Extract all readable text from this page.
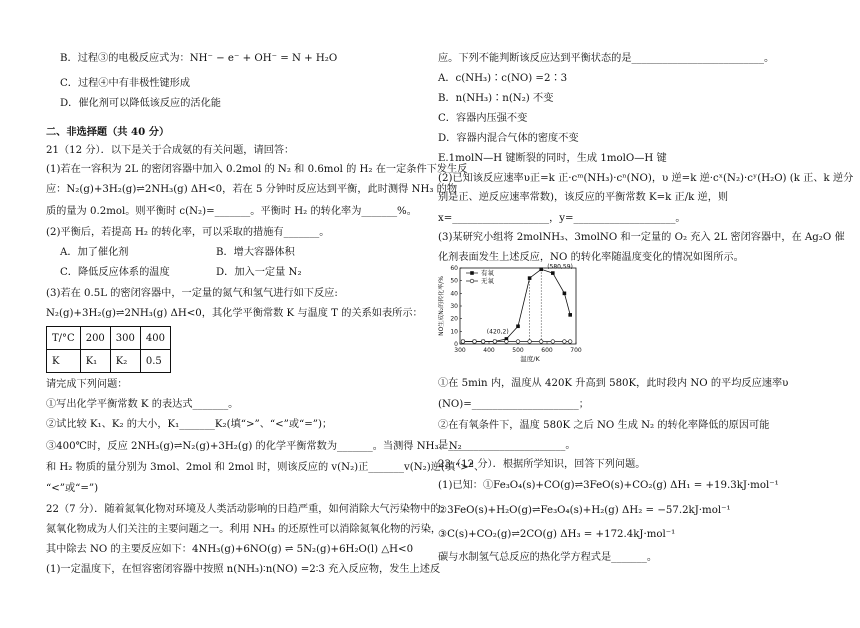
B．过程③的电极反应式为：NH⁻ − e⁻ + OH⁻ = N + H₂O
C．过程④中有非极性键形成
D．催化剂可以降低该反应的活化能
二、非选择题（共 40 分）
21（12 分）．以下是关于合成氨的有关问题，请回答：
(1)若在一容积为 2L 的密闭容器中加入 0.2mol 的 N₂ 和 0.6mol 的 H₂ 在一定条件下发生反
应：N₂(g)+3H₂(g)⇌2NH₃(g) ΔH<0，若在 5 分钟时反应达到平衡，此时测得 NH₃ 的物
质的量为 0.2mol。则平衡时 c(N₂)=_______。平衡时 H₂ 的转化率为_______%。
(2)平衡后，若提高 H₂ 的转化率，可以采取的措施有_______。
A．加了催化剂	B．增大容器体积
C．降低反应体系的温度	D．加入一定量 N₂
(3)若在 0.5L 的密闭容器中，一定量的氮气和氢气进行如下反应:
N₂(g)+3H₂(g)⇌2NH₃(g) ΔH<0，其化学平衡常数 K 与温度 T 的关系如表所示：
T/°C	200	300	400
K	K₁	K₂	0.5
请完成下列问题：
①写出化学平衡常数 K 的表达式_______。
②试比较 K₁、K₂ 的大小，K₁_______K₂(填“>”、“<”或“=”)；
③400℃时，反应 2NH₃(g)⇌N₂(g)+3H₂(g) 的化学平衡常数为_______。当测得 NH₃、N₂
和 H₂ 物质的量分别为 3mol、2mol 和 2mol 时，则该反应的 v(N₂)正_______v(N₂)逆(填“>”、
“<”或“=”)
22（7 分）．随着氮氧化物对环境及人类活动影响的日趋严重，如何消除大气污染物中的
氮氧化物成为人们关注的主要问题之一。利用 NH₃ 的还原性可以消除氮氧化物的污染，
其中除去 NO 的主要反应如下：4NH₃(g)+6NO(g) ⇌ 5N₂(g)+6H₂O(l) △H<0
(1)一定温度下，在恒容密闭容器中按照 n(NH₃)∶n(NO) =2∶3 充入反应物，发生上述反
应。下列不能判断该反应达到平衡状态的是__________________________。
A．c(NH₃)∶c(NO) =2∶3
B．n(NH₃)∶n(N₂) 不变
C．容器内压强不变
D．容器内混合气体的密度不变
E.1molN—H 键断裂的同时，生成 1molO—H 键
(2)已知该反应速率υ正=k 正·cᵐ(NH₃)·cⁿ(NO)，υ 逆=k 逆·cˣ(N₂)·cʸ(H₂O) (k 正、k 逆分
别是正、逆反应速率常数)，该反应的平衡常数 K=k 正/k 逆，则
x=___________________，y=____________________。
(3)某研究小组将 2molNH₃、3molNO 和一定量的 O₂ 充入 2L 密闭容器中，在 Ag₂O 催
化剂表面发生上述反应，NO 的转化率随温度变化的情况如图所示。
300	400	500	600	700
0
10
20
30
40
50
60
温度/K
NO生成N₂的转化率/%
有氧
无氧
(580,59)
(420,2)
①在 5min 内，温度从 420K 升高到 580K，此时段内 NO 的平均反应速率υ
(NO)=_____________________；
②在有氧条件下，温度 580K 之后 NO 生成 N₂ 的转化率降低的原因可能
是_______________________。
23（12 分）．根据所学知识，回答下列问题。
(1)已知：①Fe₃O₄(s)+CO(g)⇌3FeO(s)+CO₂(g) ΔH₁ = +19.3kJ·mol⁻¹
②3FeO(s)+H₂O(g)⇌Fe₃O₄(s)+H₂(g) ΔH₂ = −57.2kJ·mol⁻¹
③C(s)+CO₂(g)⇌2CO(g) ΔH₃ = +172.4kJ·mol⁻¹
碳与水制氢气总反应的热化学方程式是_______。
